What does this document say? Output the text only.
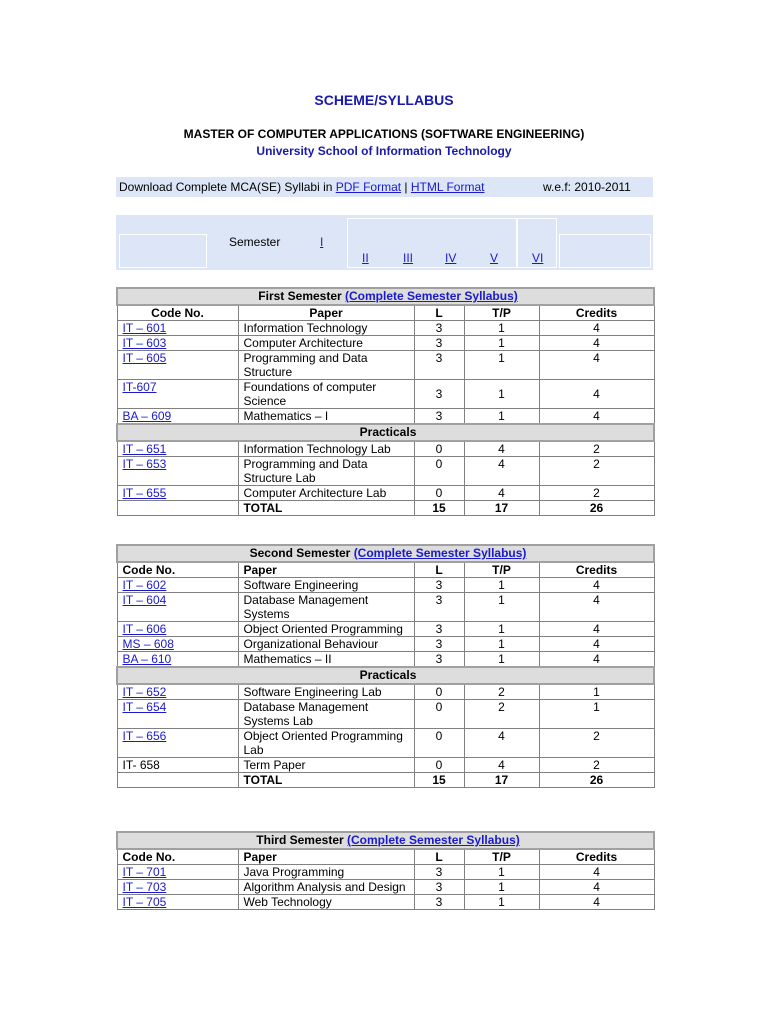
SCHEME/SYLLABUS
MASTER OF COMPUTER APPLICATIONS (SOFTWARE ENGINEERING)
University School of Information Technology
Download Complete MCA(SE) Syllabi in PDF Format | HTML Format	w.e.f: 2010-2011
Semester	I
II	III	IV	V	VI
First Semester (Complete Semester Syllabus)				
Code No.	Paper	L	T/P	Credits
IT – 601	Information Technology	3	1	4
IT – 603	Computer Architecture	3	1	4
IT – 605	Programming and Data Structure	3	1	4
IT-607	Foundations of computer Science	3	1	4
BA – 609	Mathematics – I	3	1	4
Practicals				
IT – 651	Information Technology Lab	0	4	2
IT – 653	Programming and Data Structure Lab	0	4	2
IT – 655	Computer Architecture Lab	0	4	2
	TOTAL	15	17	26
Second Semester (Complete Semester Syllabus)				
Code No.	Paper	L	T/P	Credits
IT – 602	Software Engineering	3	1	4
IT – 604	Database Management Systems	3	1	4
IT – 606	Object Oriented Programming	3	1	4
MS – 608	Organizational Behaviour	3	1	4
BA – 610	Mathematics – II	3	1	4
Practicals				
IT – 652	Software Engineering Lab	0	2	1
IT – 654	Database Management Systems Lab	0	2	1
IT – 656	Object Oriented Programming Lab	0	4	2
IT- 658	Term Paper	0	4	2
	TOTAL	15	17	26
Third Semester (Complete Semester Syllabus)				
Code No.	Paper	L	T/P	Credits
IT – 701	Java Programming	3	1	4
IT – 703	Algorithm Analysis and Design	3	1	4
IT – 705	Web Technology	3	1	4
